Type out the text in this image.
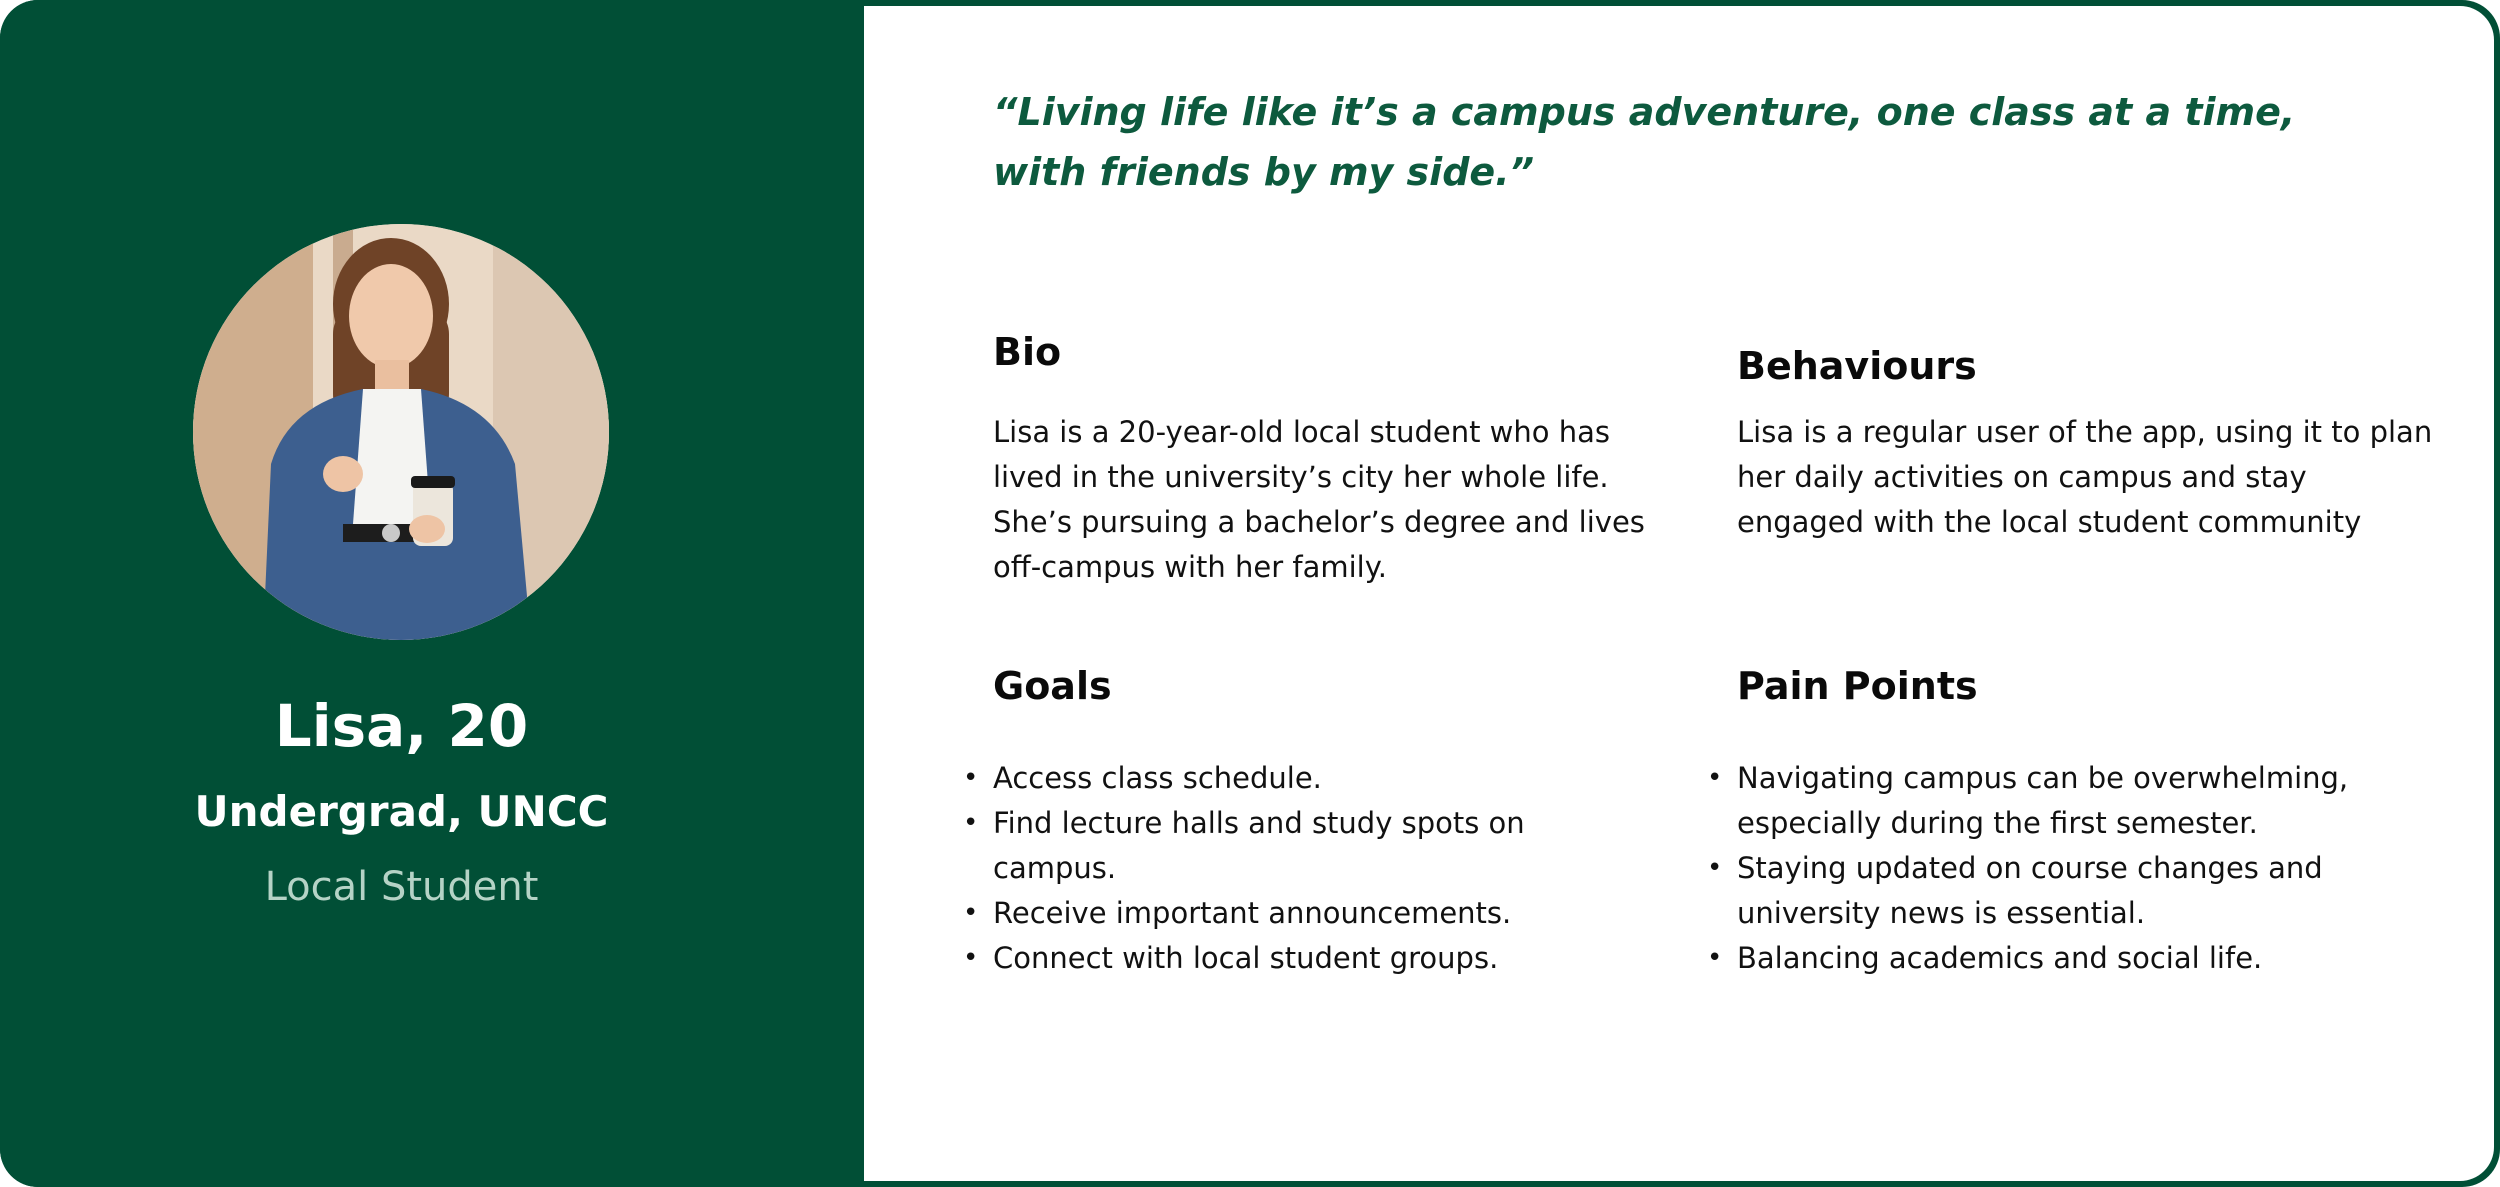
Lisa, 20
Undergrad, UNCC
Local Student
“Living life like it’s a campus adventure, one class at a time, with friends by my side.”
Bio

Lisa is a 20-year-old local student who has lived in the university’s city her whole life. She’s pursuing a bachelor’s degree and lives off-campus with her family.

Behaviours

Lisa is a regular user of the app, using it to plan her daily activities on campus and stay engaged with the local student community

Goals
• Access class schedule.
• Find lecture halls and study spots on campus.
• Receive important announcements.
• Connect with local student groups.
Pain Points
• Navigating campus can be overwhelming, especially during the first semester.
• Staying updated on course changes and university news is essential.
• Balancing academics and social life.
